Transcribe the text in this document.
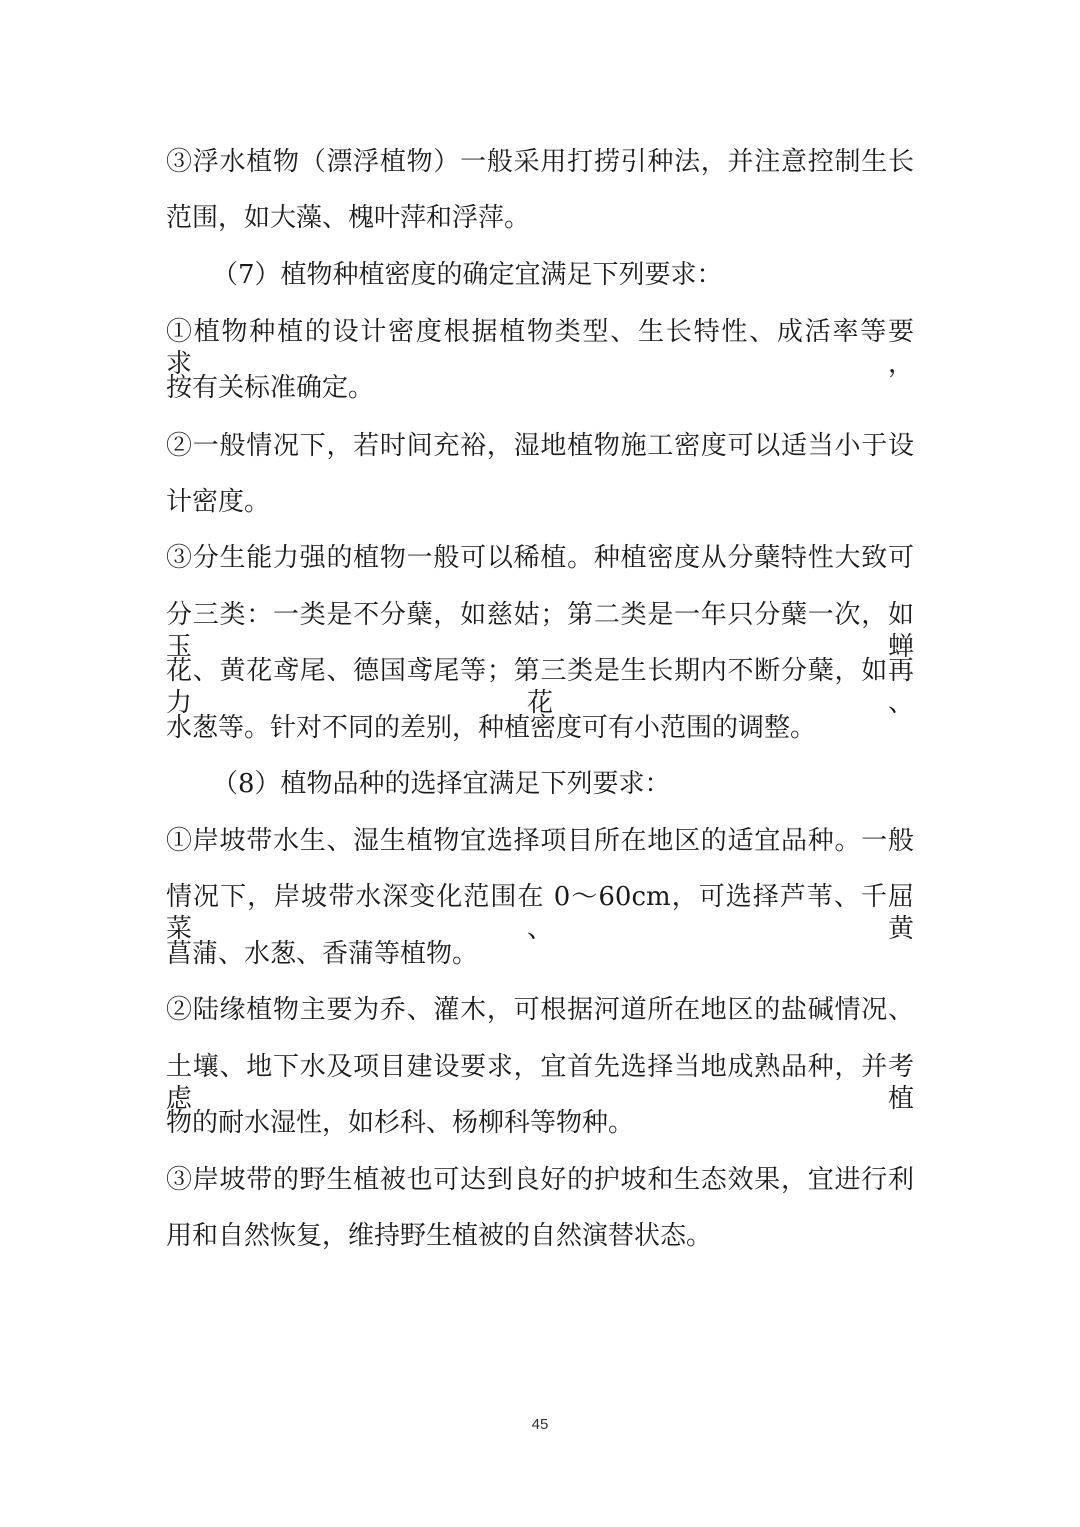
③浮水植物（漂浮植物）一般采用打捞引种法，并注意控制生长
范围，如大藻、槐叶萍和浮萍。
（7）植物种植密度的确定宜满足下列要求：
①植物种植的设计密度根据植物类型、生长特性、成活率等要求，
按有关标准确定。
②一般情况下，若时间充裕，湿地植物施工密度可以适当小于设
计密度。
③分生能力强的植物一般可以稀植。种植密度从分蘖特性大致可
分三类：一类是不分蘖，如慈姑；第二类是一年只分蘖一次，如玉蝉
花、黄花鸢尾、德国鸢尾等；第三类是生长期内不断分蘖，如再力花、
水葱等。针对不同的差别，种植密度可有小范围的调整。
（8）植物品种的选择宜满足下列要求：
①岸坡带水生、湿生植物宜选择项目所在地区的适宜品种。一般
情况下，岸坡带水深变化范围在 0～60cm，可选择芦苇、千屈菜、黄
菖蒲、水葱、香蒲等植物。
②陆缘植物主要为乔、灌木，可根据河道所在地区的盐碱情况、
土壤、地下水及项目建设要求，宜首先选择当地成熟品种，并考虑植
物的耐水湿性，如杉科、杨柳科等物种。
③岸坡带的野生植被也可达到良好的护坡和生态效果，宜进行利
用和自然恢复，维持野生植被的自然演替状态。
45
